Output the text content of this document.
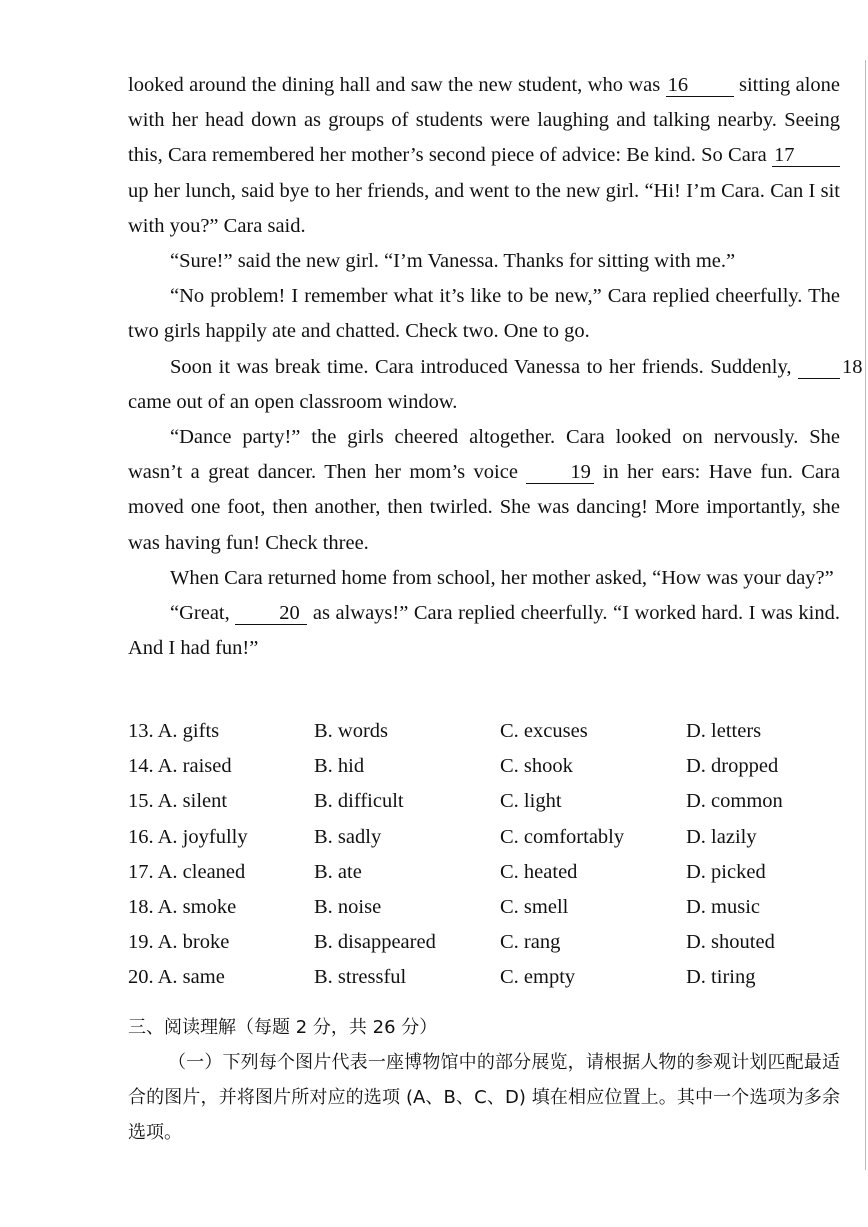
looked around the dining hall and saw the new student, who was 16 sitting alone with her head down as groups of students were laughing and talking nearby. Seeing this, Cara remembered her mother’s second piece of advice: Be kind. So Cara 17 up her lunch, said bye to her friends, and went to the new girl. “Hi! I’m Cara. Can I sit with you?” Cara said.

“Sure!” said the new girl. “I’m Vanessa. Thanks for sitting with me.”

“No problem! I remember what it’s like to be new,” Cara replied cheerfully. The two girls happily ate and chatted. Check two. One to go.

Soon it was break time. Cara introduced Vanessa to her friends. Suddenly, 18 came out of an open classroom window.

“Dance party!” the girls cheered altogether. Cara looked on nervously. She wasn’t a great dancer. Then her mom’s voice 19 in her ears: Have fun. Cara moved one foot, then another, then twirled. She was dancing! More importantly, she was having fun! Check three.

When Cara returned home from school, her mother asked, “How was your day?”

“Great, 20 as always!” Cara replied cheerfully. “I worked hard. I was kind. And I had fun!”

13. A. gifts	B. words	C. excuses	D. letters
14. A. raised	B. hid	C. shook	D. dropped
15. A. silent	B. difficult	C. light	D. common
16. A. joyfully	B. sadly	C. comfortably	D. lazily
17. A. cleaned	B. ate	C. heated	D. picked
18. A. smoke	B. noise	C. smell	D. music
19. A. broke	B. disappeared	C. rang	D. shouted
20. A. same	B. stressful	C. empty	D. tiring

三、阅读理解（每题 2 分，共 26 分）

（一）下列每个图片代表一座博物馆中的部分展览，请根据人物的参观计划匹配最适合的图片，并将图片所对应的选项 (A、B、C、D) 填在相应位置上。其中一个选项为多余选项。
